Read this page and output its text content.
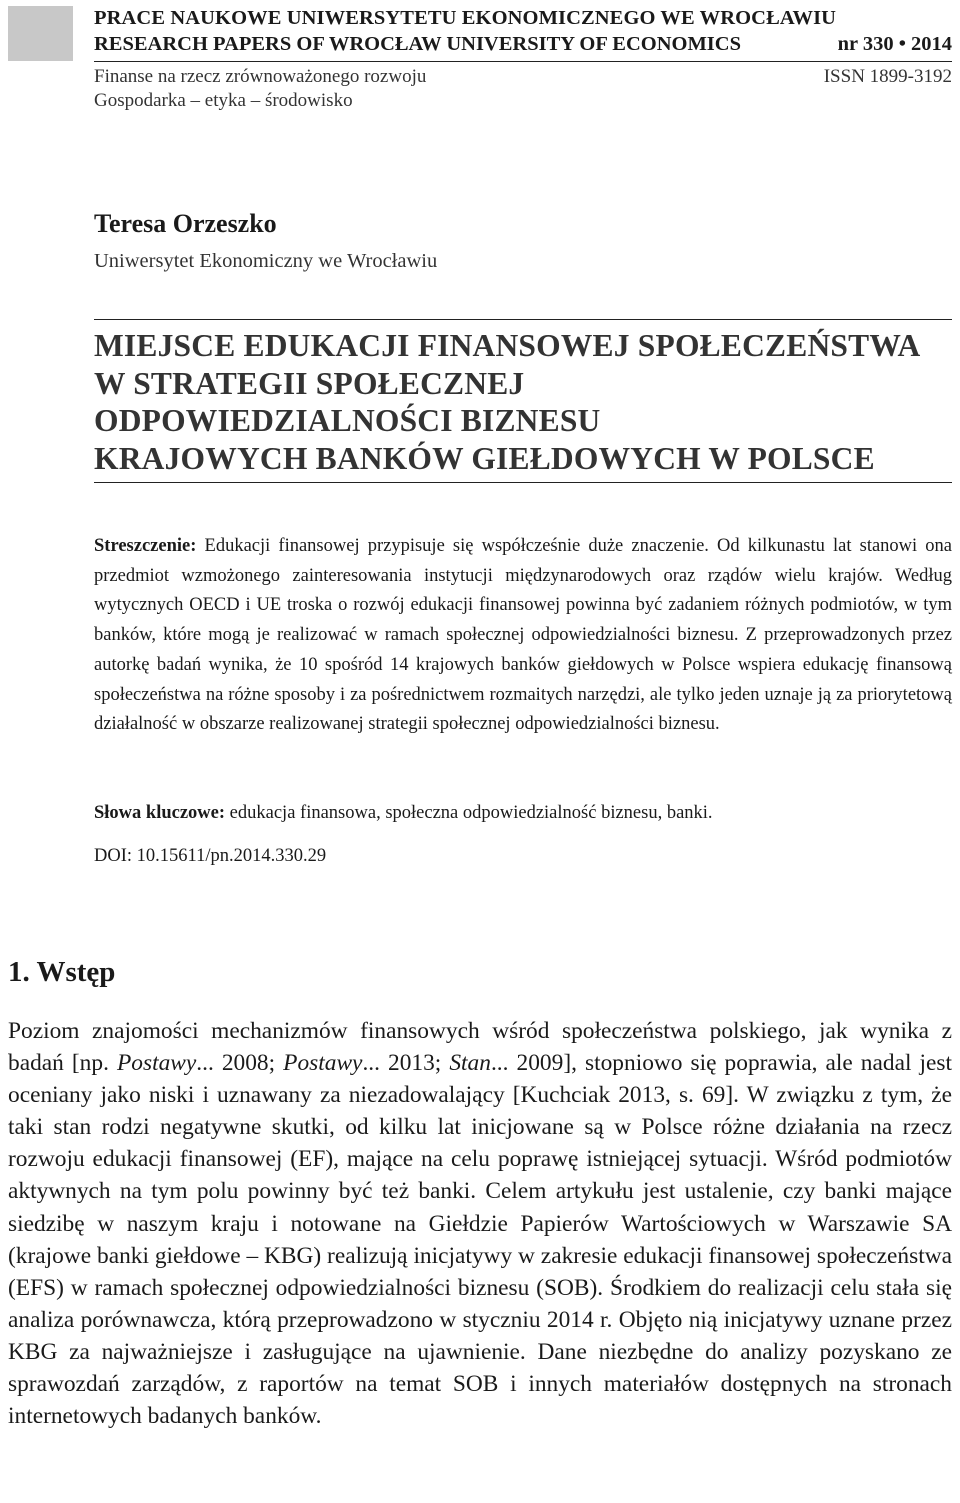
PRACE NAUKOWE UNIWERSYTETU EKONOMICZNEGO WE WROCŁAWIU
RESEARCH PAPERS OF WROCŁAW UNIVERSITY OF ECONOMICS	nr 330 • 2014
Finanse na rzecz zrównoważonego rozwoju
Gospodarka – etyka – środowisko
ISSN 1899-3192
Teresa Orzeszko
Uniwersytet Ekonomiczny we Wrocławiu
MIEJSCE EDUKACJI FINANSOWEJ SPOŁECZEŃSTWA
W STRATEGII SPOŁECZNEJ
ODPOWIEDZIALNOŚCI BIZNESU
KRAJOWYCH BANKÓW GIEŁDOWYCH W POLSCE

Streszczenie: Edukacji finansowej przypisuje się współcześnie duże znaczenie. Od kilkunastu lat stanowi ona przedmiot wzmożonego zainteresowania instytucji międzynarodowych oraz rządów wielu krajów. Według wytycznych OECD i UE troska o rozwój edukacji finansowej powinna być zadaniem różnych podmiotów, w tym banków, które mogą je realizować w ramach społecznej odpowiedzialności biznesu. Z przeprowadzonych przez autorkę badań wynika, że 10 spośród 14 krajowych banków giełdowych w Polsce wspiera edukację finansową społeczeństwa na różne sposoby i za pośrednictwem rozmaitych narzędzi, ale tylko jeden uznaje ją za priorytetową działalność w obszarze realizowanej strategii społecznej odpowiedzialności biznesu.

Słowa kluczowe: edukacja finansowa, społeczna odpowiedzialność biznesu, banki.

DOI: 10.15611/pn.2014.330.29

1. Wstęp

Poziom znajomości mechanizmów finansowych wśród społeczeństwa polskiego, jak wynika z badań [np. Postawy... 2008; Postawy... 2013; Stan... 2009], stopniowo się poprawia, ale nadal jest oceniany jako niski i uznawany za niezadowalający [Kuchciak 2013, s. 69]. W związku z tym, że taki stan rodzi negatywne skutki, od kilku lat inicjowane są w Polsce różne działania na rzecz rozwoju edukacji finansowej (EF), mające na celu poprawę istniejącej sytuacji. Wśród podmiotów aktywnych na tym polu powinny być też banki. Celem artykułu jest ustalenie, czy banki mające siedzibę w naszym kraju i notowane na Giełdzie Papierów Wartościowych w Warszawie SA (krajowe banki giełdowe – KBG) realizują inicjatywy w zakresie edukacji finansowej społeczeństwa (EFS) w ramach społecznej odpowiedzialności biznesu (SOB). Środkiem do realizacji celu stała się analiza porównawcza, którą przeprowadzono w styczniu 2014 r. Objęto nią inicjatywy uznane przez KBG za najważniejsze i zasługujące na ujawnienie. Dane niezbędne do analizy pozyskano ze sprawozdań zarządów, z raportów na temat SOB i innych materiałów dostępnych na stronach internetowych badanych banków.
